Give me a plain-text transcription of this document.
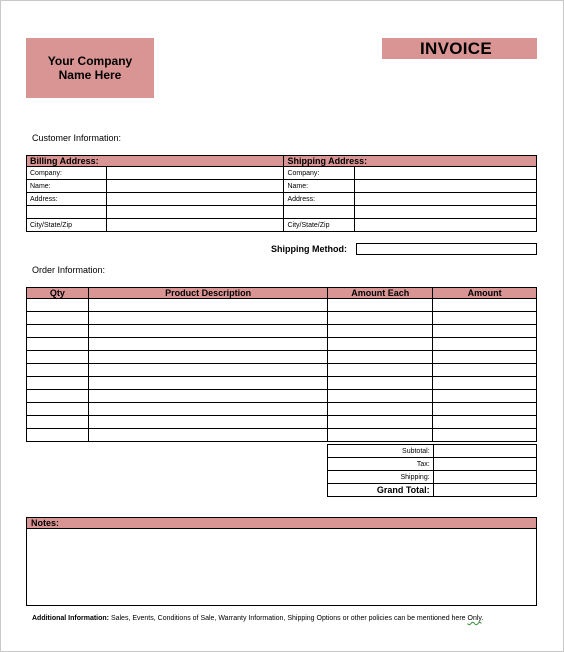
Your Company Name Here
INVOICE
Customer Information:
Billing Address:		Shipping Address:	
Company:		Company:	
Name:		Name:	
Address:		Address:	

City/State/Zip		City/State/Zip	
Shipping Method:
Order Information:
Qty	Product Description	Amount Each	Amount

Subtotal:	
Tax:	
Shipping:	
Grand Total:	
Notes:
Additional Information: Sales, Events, Conditions of Sale, Warranty Information, Shipping Options or other policies can be mentioned here Only.
